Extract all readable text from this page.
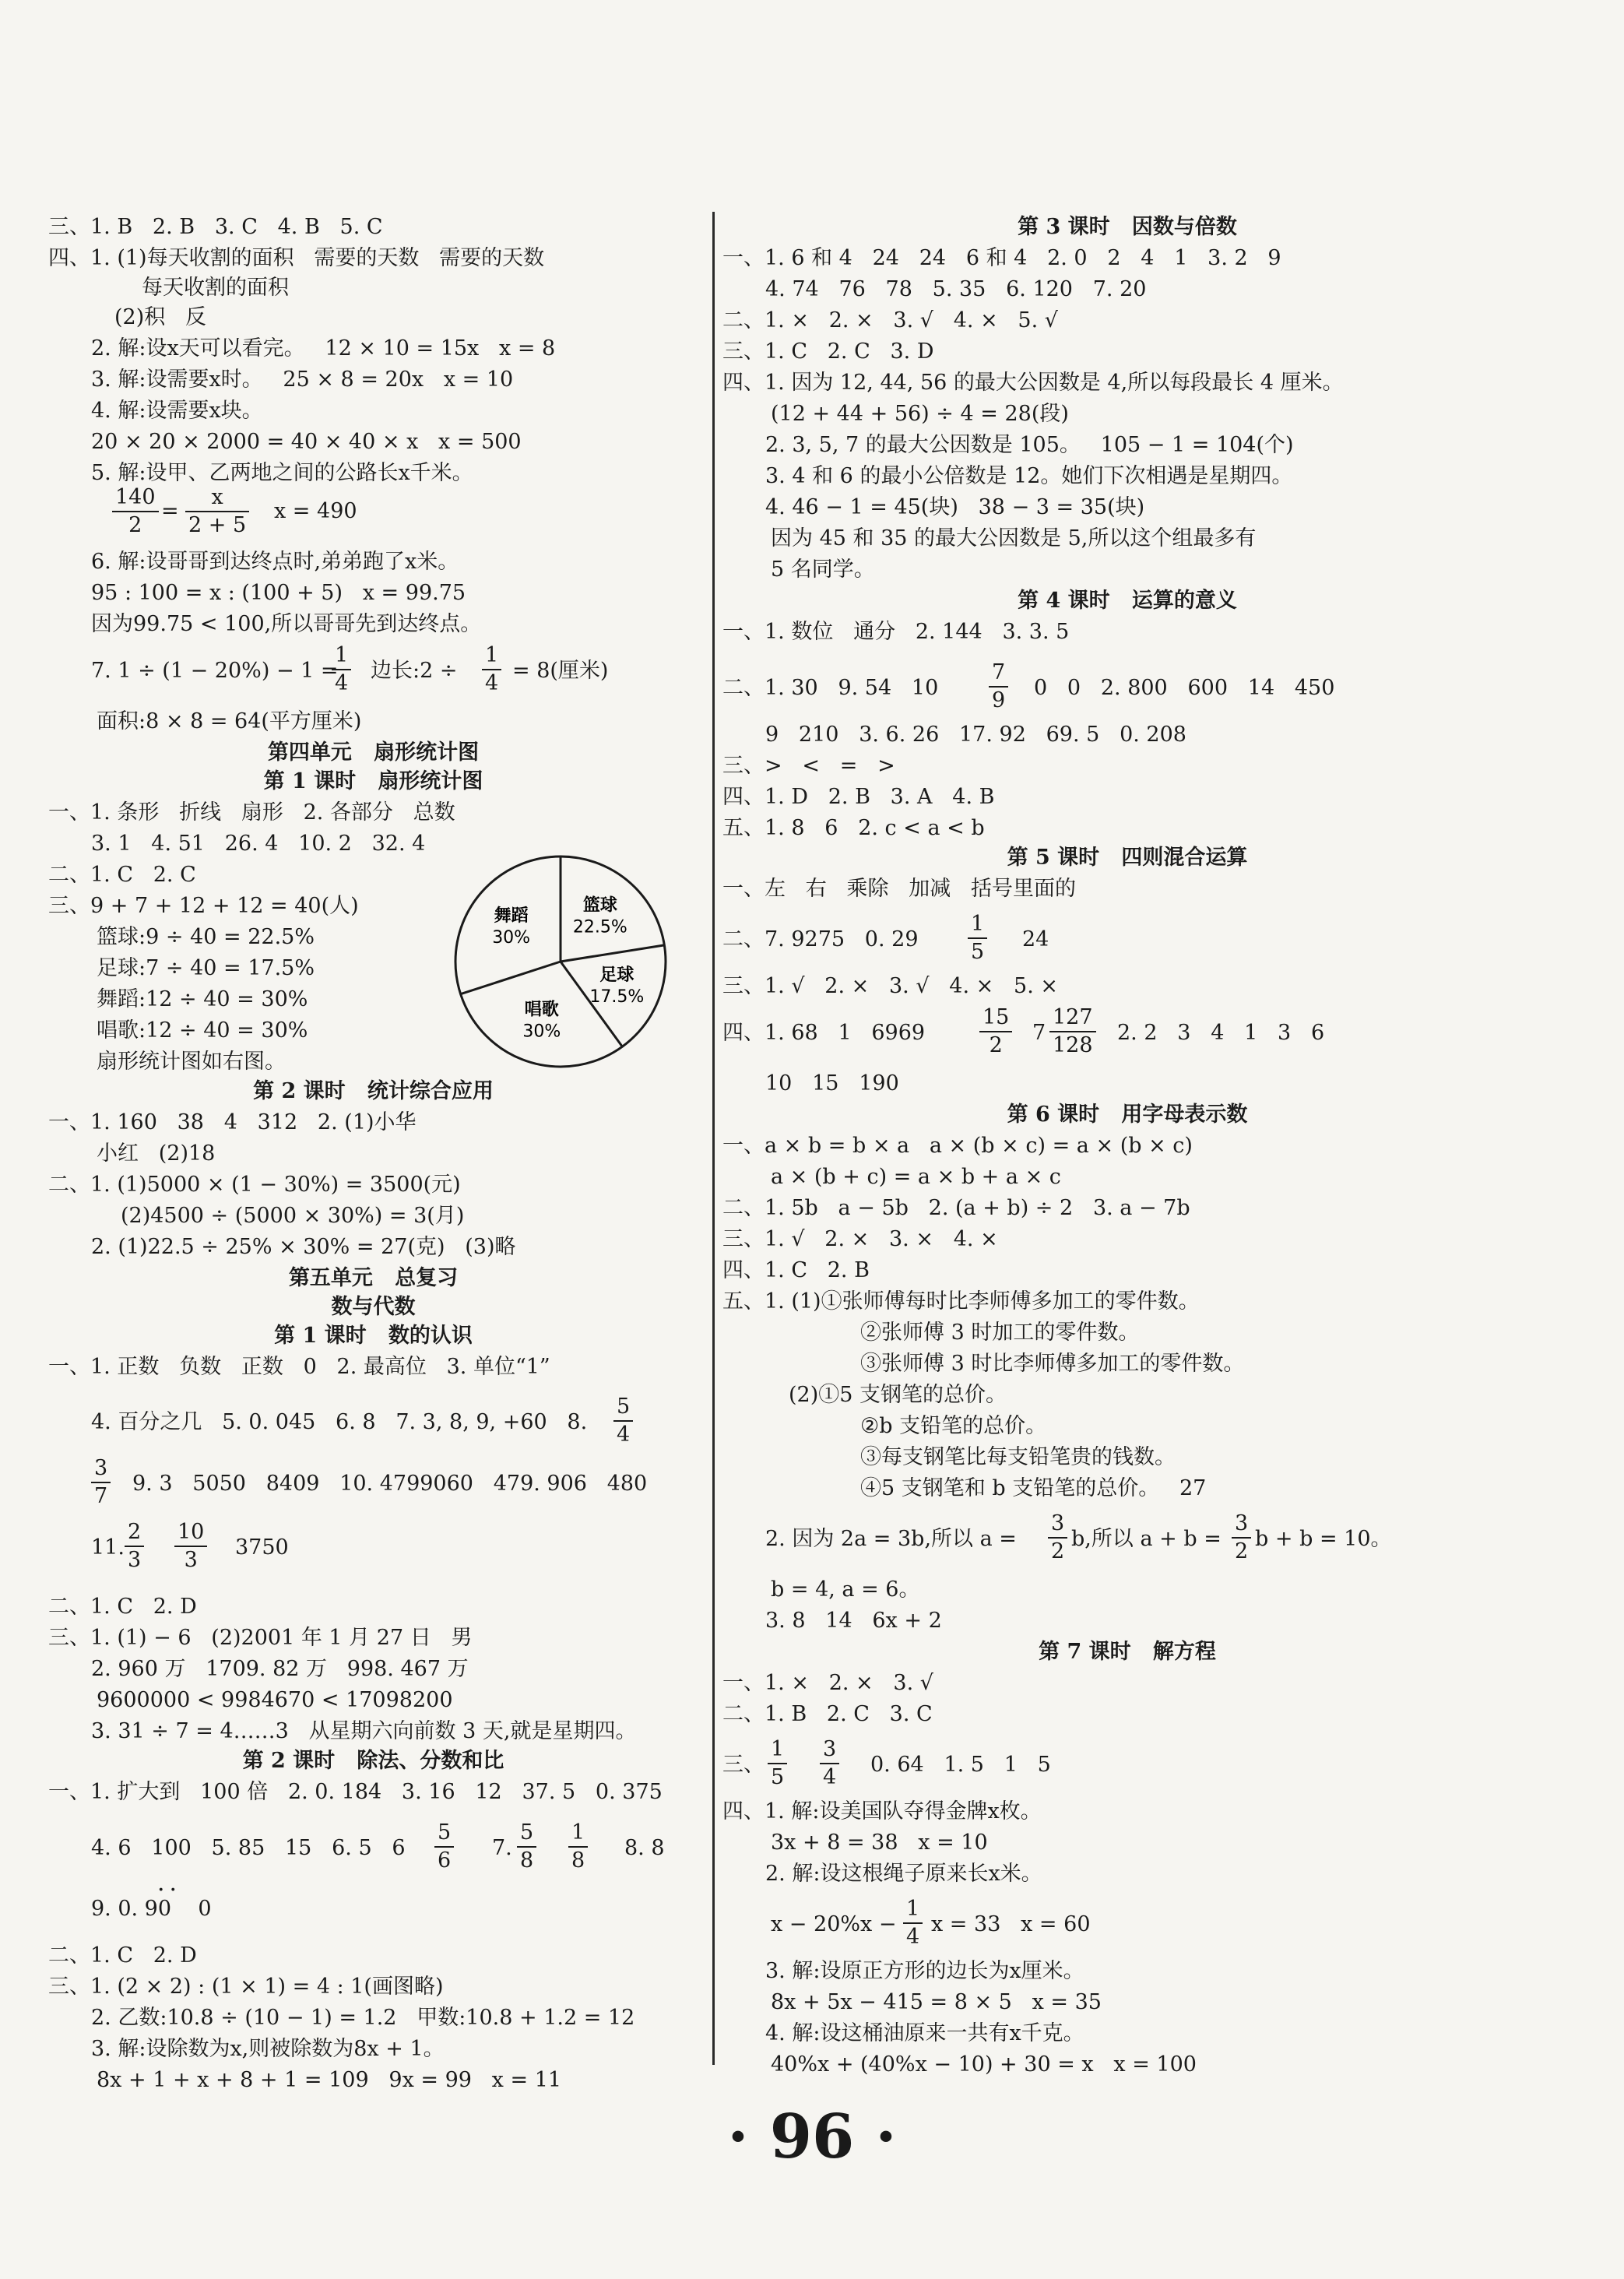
三、1. B   2. B   3. C   4. B   5. C
四、1. (1)每天收割的面积   需要的天数   需要的天数
每天收割的面积
(2)积   反
2. 解:设x天可以看完。   12 × 10 = 15x   x = 8
3. 解:设需要x时。   25 × 8 = 20x   x = 10
4. 解:设需要x块。
20 × 20 × 2000 = 40 × 40 × x   x = 500
5. 解:设甲、乙两地之间的公路长x千米。
$\frac{140}{2} = \frac{x}{2 + 5}$ x = 490
6. 解:设哥哥到达终点时,弟弟跑了x米。
95 : 100 = x : (100 + 5)   x = 99.75
因为99.75 < 100,所以哥哥先到达终点。
7. 1 ÷ (1 − 20%) − 1 =
$\frac{1}{4}$ 边长:2 ÷ $\frac{1}{4} = 8$(厘米)
面积:8 × 8 = 64(平方厘米)
第四单元   扇形统计图
第 1 课时   扇形统计图
一、1. 条形   折线   扇形   2. 各部分   总数
3. 1   4. 51   26. 4   10. 2   32. 4
二、1. C   2. C
三、9 + 7 + 12 + 12 = 40(人)
篮球:9 ÷ 40 = 22.5%
足球:7 ÷ 40 = 17.5%
舞蹈:12 ÷ 40 = 30%
唱歌:12 ÷ 40 = 30%
扇形统计图如右图。
第 2 课时   统计综合应用
一、1. 160   38   4   312   2. (1)小华
小红   (2)18
二、1. (1)5000 × (1 − 30%) = 3500(元)
(2)4500 ÷ (5000 × 30%) = 3(月)
2. (1)22.5 ÷ 25% × 30% = 27(克)   (3)略
第五单元   总复习
数与代数
第 1 课时   数的认识
一、1. 正数   负数   正数   0   2. 最高位   3. 单位“1”
4. 百分之几   5. 0. 045   6. 8   7. 3, 8, 9, +60   8. $\frac{5}{4}$
$\frac{3}{7} 9$. 3   5050   8409   10. 4799060   479. 906   480
11. $\frac{2}{3} \frac{10}{3} 3750$
二、1. C   2. D
三、1. (1) − 6   (2)2001 年 1 月 27 日   男
2. 960 万   1709. 82 万   998. 467 万
9600000 < 9984670 < 17098200
3. 31 ÷ 7 = 4……3   从星期六向前数 3 天,就是星期四。
第 2 课时   除法、分数和比
一、1. 扩大到   100 倍   2. 0. 184   3. 16   12   37. 5   0. 375
4. 6   100   5. 85   15   6. 5   $6 \frac{5}{6} 7$. $\frac{5}{8} \frac{1}{8} 8$. 8
··
9. 0. 90    0
二、1. C   2. D
三、1. (2 × 2) : (1 × 1) = 4 : 1(画图略)
2. 乙数:10.8 ÷ (10 − 1) = 1.2   甲数:10.8 + 1.2 = 12
3. 解:设除数为x,则被除数为8x + 1。
8x + 1 + x + 8 + 1 = 109   9x = 99   x = 11
篮球
22.5%
足球
17.5%
唱歌
30%
舞蹈
30%
第 3 课时   因数与倍数
一、1. 6 和 4   24   24   6 和 4   2. 0   2   4   1   3. 2   9
4. 74   76   78   5. 35   6. 120   7. 20
二、1. ×   2. ×   3. √   4. ×   5. √
三、1. C   2. C   3. D
四、1. 因为 12, 44, 56 的最大公因数是 4,所以每段最长 4 厘米。
(12 + 44 + 56) ÷ 4 = 28(段)
2. 3, 5, 7 的最大公因数是 105。   105 − 1 = 104(个)
3. 4 和 6 的最小公倍数是 12。她们下次相遇是星期四。
4. 46 − 1 = 45(块)   38 − 3 = 35(块)
因为 45 和 35 的最大公因数是 5,所以这个组最多有
5 名同学。
第 4 课时   运算的意义
一、1. 数位   通分   2. 144   3. 3. 5
二、1. 30   9. 54   $10 \frac{7}{9} 0$   0   2. 800   600   14   450
9   210   3. 6. 26   17. 92   69. 5   0. 208
三、>   <   =   >
四、1. D   2. B   3. A   4. B
五、1. 8   6   2. c < a < b
第 5 课时   四则混合运算
一、左   右   乘除   加减   括号里面的
二、7. 9275   0. $29 \frac{1}{5} 24$
三、1. √   2. ×   3. √   4. ×   5. ×
四、1. 68   1   6969	$\frac{15}{2} 7 \frac{127}{128} 2$. 2   3   4   1   3   6
10   15   190
第 6 课时   用字母表示数
一、a × b = b × a   a × (b × c) = a × (b × c)
a × (b + c) = a × b + a × c
二、1. 5b   a − 5b   2. (a + b) ÷ 2   3. a − 7b
三、1. √   2. ×   3. ×   4. ×
四、1. C   2. B
五、1. (1)①张师傅每时比李师傅多加工的零件数。
②张师傅 3 时加工的零件数。
③张师傅 3 时比李师傅多加工的零件数。
(2)①5 支钢笔的总价。
②b 支铅笔的总价。
③每支钢笔比每支铅笔贵的钱数。
④5 支钢笔和 b 支铅笔的总价。   27
2. 因为 2a = 3b,所以 $a = \frac{3}{2} b$,所以 $a + b = \frac{3}{2}$ b + b = 10。
b = 4, a = 6。
3. 8   14   6x + 2
第 7 课时   解方程
一、1. ×   2. ×   3. √
二、1. B   2. C   3. C
三、 $\frac{1}{5} \frac{3}{4} 0$. 64   1. 5   1   5
四、1. 解:设美国队夺得金牌x枚。
3x + 8 = 38   x = 10
2. 解:设这根绳子原来长x米。
$x - 20\%x - \frac{1}{4}$ x = 33   x = 60
3. 解:设原正方形的边长为x厘米。
8x + 5x − 415 = 8 × 5   x = 35
4. 解:设这桶油原来一共有x千克。
40%x + (40%x − 10) + 30 = x   x = 100
· 96 ·
